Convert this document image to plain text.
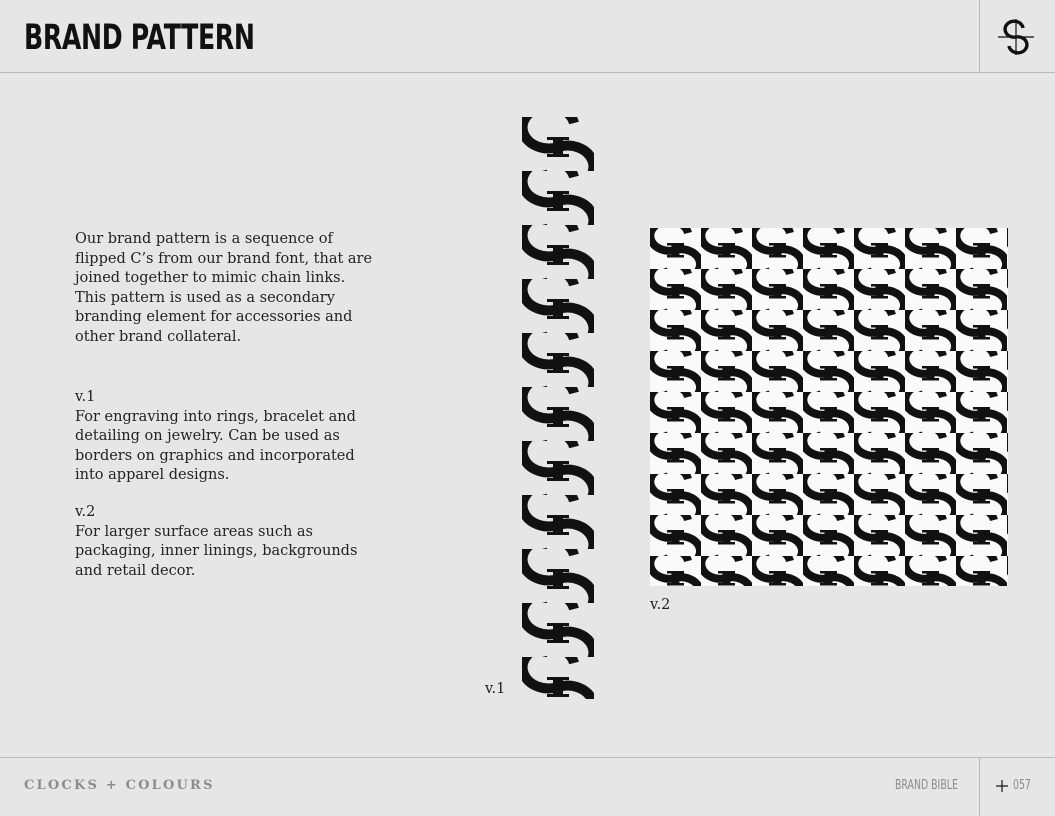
BRAND PATTERN

Our brand pattern is a sequence of flipped C’s from our brand font, that are joined together to mimic chain links. This pattern is used as a secondary branding element for accessories and other brand collateral.

v.1
For engraving into rings, bracelet and detailing on jewelry. Can be used as borders on graphics and incorporated into apparel designs.
v.2
For larger surface areas such as packaging, inner linings, backgrounds and retail decor.
v.1
v.2
CLOCKS + COLOURS	BRAND BIBLE	057
